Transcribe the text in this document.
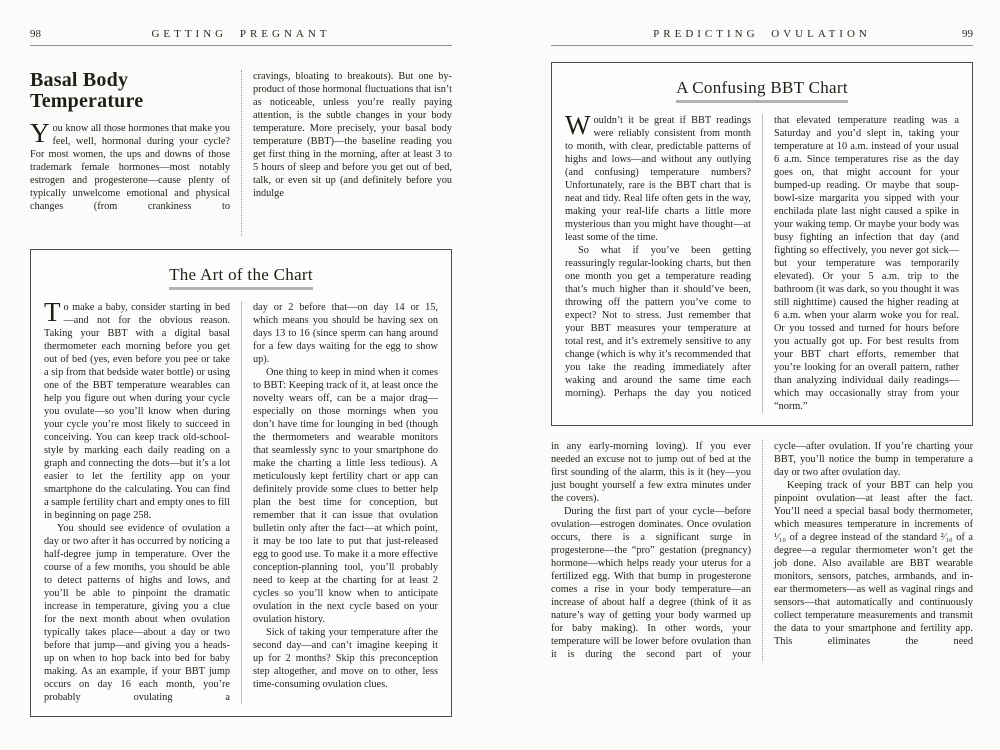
98	GETTING PREGNANT
Basal Body
Temperature

You know all those hormones that make you feel, well, hormonal during your cycle? For most women, the ups and downs of those trademark female hormones—most notably estrogen and progesterone—cause plenty of typically unwelcome emotional and physical changes (from crankiness to

cravings, bloating to breakouts). But one by-product of those hormonal fluctuations that isn’t as noticeable, unless you’re really paying attention, is the subtle changes in your body temperature. More precisely, your basal body temperature (BBT)—the baseline reading you get first thing in the morning, after at least 3 to 5 hours of sleep and before you get out of bed, talk, or even sit up (and definitely before you indulge

The Art of the Chart

To make a baby, consider starting in bed—and not for the obvious reason. Taking your BBT with a digital basal thermometer each morning before you get out of bed (yes, even before you pee or take a sip from that bedside water bottle) or using one of the BBT temperature wearables can help you figure out when during your cycle you ovulate—so you’ll know when during your cycle you’re most likely to succeed in conceiving. You can keep track old-school-style by marking each daily reading on a graph and connecting the dots—but it’s a lot easier to let the fertility app on your smartphone do the calculating. You can find a sample fertility chart and empty ones to fill in beginning on page 258.

You should see evidence of ovulation a day or two after it has occurred by noticing a half-degree jump in temperature. Over the course of a few months, you should be able to detect patterns of highs and lows, and you’ll be able to pinpoint the dramatic increase in temperature, giving you a clue for the next month about when ovulation typically takes place—about a day or two before that jump—and giving you a heads-up on when to hop back into bed for baby making. As an example, if your BBT jump occurs on day 16 each month, you’re probably ovulating a

day or 2 before that—on day 14 or 15, which means you should be having sex on days 13 to 16 (since sperm can hang around for a few days waiting for the egg to show up).

One thing to keep in mind when it comes to BBT: Keeping track of it, at least once the novelty wears off, can be a major drag—especially on those mornings when you don’t have time for lounging in bed (though the thermometers and wearable monitors that seamlessly sync to your smartphone do make the charting a little less tedious). A meticulously kept fertility chart or app can definitely provide some clues to better help plan the best time for conception, but remember that it can issue that ovulation bulletin only after the fact—at which point, it may be too late to put that just-released egg to good use. To make it a more effective conception-planning tool, you’ll probably need to keep at the charting for at least 2 cycles so you’ll know when to anticipate ovulation in the next cycle based on your ovulation history.

Sick of taking your temperature after the second day—and can’t imagine keeping it up for 2 months? Skip this preconception step altogether, and move on to other, less time-consuming ovulation clues.

PREDICTING OVULATION	99
A Confusing BBT Chart

Wouldn’t it be great if BBT readings were reliably consistent from month to month, with clear, predictable patterns of highs and lows—and without any outlying (and confusing) temperature numbers? Unfortunately, rare is the BBT chart that is neat and tidy. Real life often gets in the way, making your real-life charts a little more mysterious than you might have thought—at least some of the time.

So what if you’ve been getting reassuringly regular-looking charts, but then one month you get a temperature reading that’s much higher than it should’ve been, throwing off the pattern you’ve come to expect? Not to stress. Just remember that your BBT measures your temperature at total rest, and it’s extremely sensitive to any change (which is why it’s recommended that you take the reading immediately after waking and around the same time each morning). Perhaps the day you noticed

that elevated temperature reading was a Saturday and you’d slept in, taking your temperature at 10 a.m. instead of your usual 6 a.m. Since temperatures rise as the day goes on, that might account for your bumped-up reading. Or maybe that soup-bowl-size margarita you sipped with your enchilada plate last night caused a spike in your waking temp. Or maybe your body was busy fighting an infection that day (and fighting so effectively, you never got sick—but your temperature was temporarily elevated). Or your 5 a.m. trip to the bathroom (it was dark, so you thought it was still nighttime) caused the higher reading at 6 a.m. when your alarm woke you for real. Or you tossed and turned for hours before you actually got up. For best results from your BBT chart efforts, remember that you’re looking for an overall pattern, rather than analyzing individual daily readings—which may occasionally stray from your “norm.”

in any early-morning loving). If you ever needed an excuse not to jump out of bed at the first sounding of the alarm, this is it (hey—you just bought yourself a few extra minutes under the covers).

During the first part of your cycle—before ovulation—estrogen dominates. Once ovulation occurs, there is a significant surge in progesterone—the “pro” gestation (pregnancy) hormone—which helps ready your uterus for a fertilized egg. With that bump in progesterone comes a rise in your body temperature—an increase of about half a degree (think of it as nature’s way of getting your body warmed up for baby making). In other words, your temperature will be lower before ovulation than it is during the second part of your

cycle—after ovulation. If you’re charting your BBT, you’ll notice the bump in temperature a day or two after ovulation day.

Keeping track of your BBT can help you pinpoint ovulation—at least after the fact. You’ll need a special basal body thermometer, which measures temperature in increments of ¹⁄₁₀ of a degree instead of the standard ²⁄₁₀ of a degree—a regular thermometer won’t get the job done. Also available are BBT wearable monitors, sensors, patches, armbands, and in-ear thermometers—as well as vaginal rings and sensors—that automatically and continuously collect temperature measurements and transmit the data to your smartphone and fertility app. This eliminates the need
